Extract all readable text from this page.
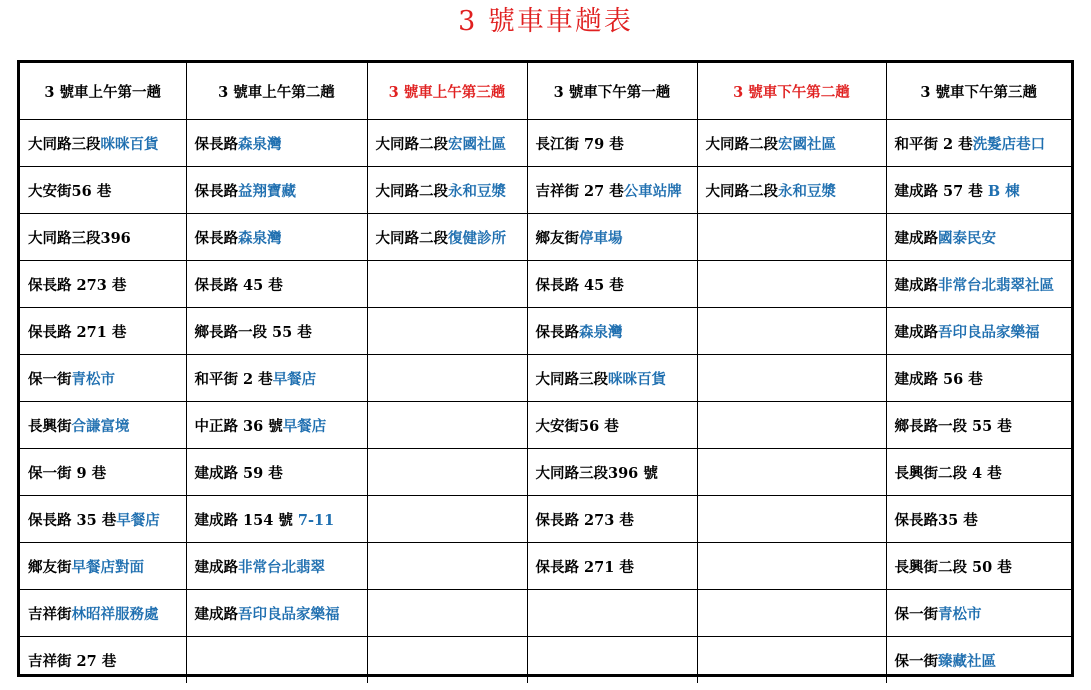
3 號車車趟表
3 號車上午第一趟	3 號車上午第二趟	3 號車上午第三趟	3 號車下午第一趟	3 號車下午第二趟	3 號車下午第三趟
大同路三段咪咪百貨	保長路森泉灣	大同路二段宏國社區	長江街 79 巷	大同路二段宏國社區	和平街 2 巷洗髮店巷口
大安街56 巷	保長路益翔寶藏	大同路二段永和豆漿	吉祥街 27 巷公車站牌	大同路二段永和豆漿	建成路 57 巷 B 棟
大同路三段396	保長路森泉灣	大同路二段復健診所	鄉友街停車場		建成路國泰民安
保長路 273 巷	保長路 45 巷		保長路 45 巷		建成路非常台北翡翠社區
保長路 271 巷	鄉長路一段 55 巷		保長路森泉灣		建成路吾印良品家樂福
保一街青松市	和平街 2 巷早餐店		大同路三段咪咪百貨		建成路 56 巷
長興街合謙富境	中正路 36 號早餐店		大安街56 巷		鄉長路一段 55 巷
保一街 9 巷	建成路 59 巷		大同路三段396 號		長興街二段 4 巷
保長路 35 巷早餐店	建成路 154 號 7-11		保長路 273 巷		保長路35 巷
鄉友街早餐店對面	建成路非常台北翡翠		保長路 271 巷		長興街二段 50 巷
吉祥街林昭祥服務處	建成路吾印良品家樂福				保一街青松市
吉祥街 27 巷					保一街臻藏社區
